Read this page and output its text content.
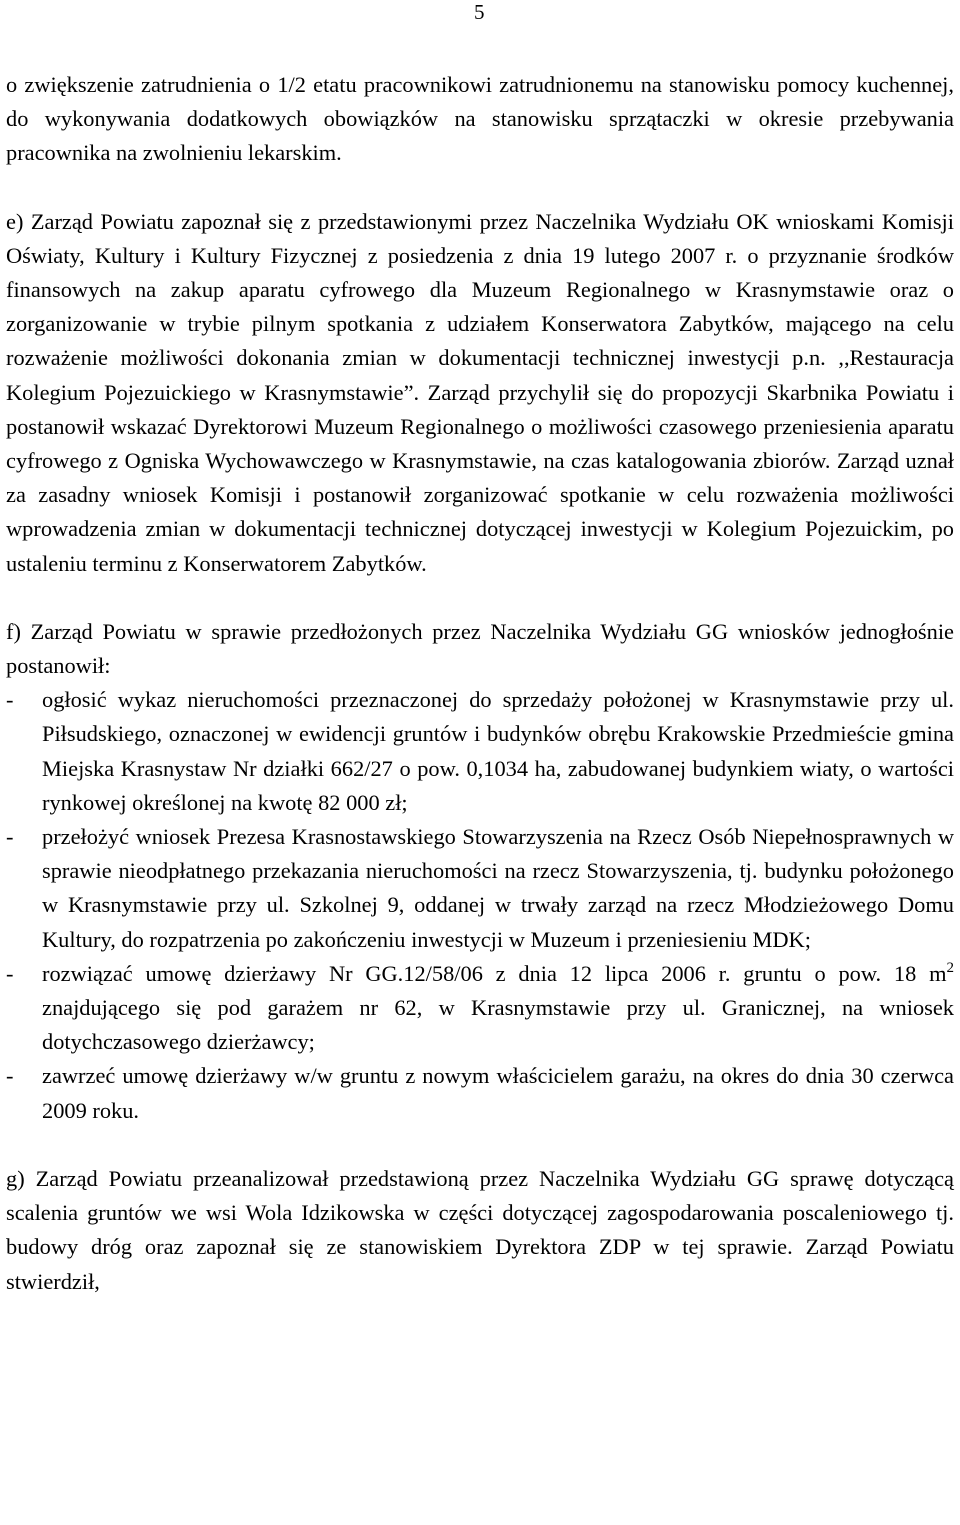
5

o zwiększenie zatrudnienia o 1/2 etatu pracownikowi zatrudnionemu na stanowisku pomocy kuchennej, do wykonywania dodatkowych obowiązków na stanowisku sprzątaczki w okresie przebywania pracownika na zwolnieniu lekarskim.

e) Zarząd Powiatu zapoznał się z przedstawionymi przez Naczelnika Wydziału OK wnioskami Komisji Oświaty, Kultury i Kultury Fizycznej z posiedzenia z dnia 19 lutego 2007 r. o przyznanie środków finansowych na zakup aparatu cyfrowego dla Muzeum Regionalnego w Krasnymstawie oraz o zorganizowanie w trybie pilnym spotkania z udziałem Konserwatora Zabytków, mającego na celu rozważenie możliwości dokonania zmian w dokumentacji technicznej inwestycji p.n. ,,Restauracja Kolegium Pojezuickiego w Krasnymstawie”. Zarząd przychylił się do propozycji Skarbnika Powiatu i postanowił wskazać Dyrektorowi Muzeum Regionalnego o możliwości czasowego przeniesienia aparatu cyfrowego z Ogniska Wychowawczego w Krasnymstawie, na czas katalogowania zbiorów. Zarząd uznał za zasadny wniosek Komisji i postanowił zorganizować spotkanie w celu rozważenia możliwości wprowadzenia zmian w dokumentacji technicznej dotyczącej inwestycji w Kolegium Pojezuickim, po ustaleniu terminu z Konserwatorem Zabytków.

f) Zarząd Powiatu w sprawie przedłożonych przez Naczelnika Wydziału GG wniosków jednogłośnie postanowił:

-	ogłosić wykaz nieruchomości przeznaczonej do sprzedaży położonej w Krasnymstawie przy ul. Piłsudskiego, oznaczonej w ewidencji gruntów i budynków obrębu Krakowskie Przedmieście gmina Miejska Krasnystaw Nr działki 662/27 o pow. 0,1034 ha, zabudowanej budynkiem wiaty, o wartości rynkowej określonej na kwotę 82 000 zł;
-	przełożyć wniosek Prezesa Krasnostawskiego Stowarzyszenia na Rzecz Osób Niepełnosprawnych w sprawie nieodpłatnego przekazania nieruchomości na rzecz Stowarzyszenia, tj. budynku położonego w Krasnymstawie przy ul. Szkolnej 9, oddanej w trwały zarząd na rzecz Młodzieżowego Domu Kultury, do rozpatrzenia po zakończeniu inwestycji w Muzeum i przeniesieniu MDK;
-	rozwiązać umowę dzierżawy Nr GG.12/58/06 z dnia 12 lipca 2006 r. gruntu o pow. 18 $m^2$ znajdującego się pod garażem nr 62, w Krasnymstawie przy ul. Granicznej, na wniosek dotychczasowego dzierżawcy;
-	zawrzeć umowę dzierżawy w/w gruntu z nowym właścicielem garażu, na okres do dnia 30 czerwca 2009 roku.

g) Zarząd Powiatu przeanalizował przedstawioną przez Naczelnika Wydziału GG sprawę dotyczącą scalenia gruntów we wsi Wola Idzikowska w części dotyczącej zagospodarowania poscaleniowego tj. budowy dróg oraz zapoznał się ze stanowiskiem Dyrektora ZDP w tej sprawie. Zarząd Powiatu stwierdził,
